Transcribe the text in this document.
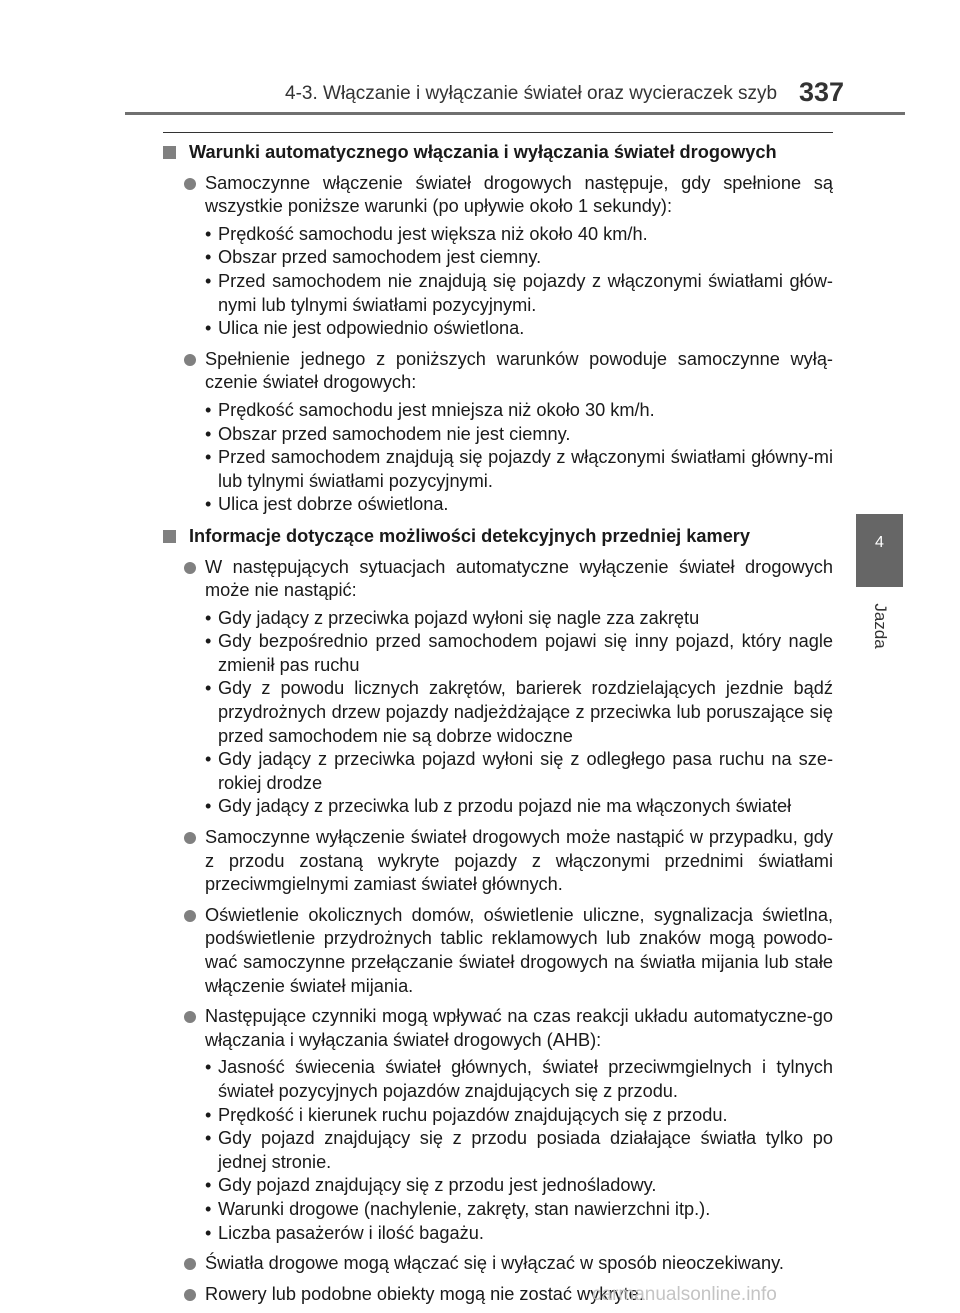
4-3. Włączanie i wyłączanie świateł oraz wycieraczek szyb 337
4
Jazda
Warunki automatycznego włączania i wyłączania świateł drogowych
Samoczynne włączenie świateł drogowych następuje, gdy spełnione są wszystkie poniższe warunki (po upływie około 1 sekundy):
• Prędkość samochodu jest większa niż około 40 km/h.
• Obszar przed samochodem jest ciemny.
• Przed samochodem nie znajdują się pojazdy z włączonymi światłami głów-nymi lub tylnymi światłami pozycyjnymi.
• Ulica nie jest odpowiednio oświetlona.
Spełnienie jednego z poniższych warunków powoduje samoczynne wyłą-czenie świateł drogowych:
• Prędkość samochodu jest mniejsza niż około 30 km/h.
• Obszar przed samochodem nie jest ciemny.
• Przed samochodem znajdują się pojazdy z włączonymi światłami główny-mi lub tylnymi światłami pozycyjnymi.
• Ulica jest dobrze oświetlona.
Informacje dotyczące możliwości detekcyjnych przedniej kamery
W następujących sytuacjach automatyczne wyłączenie świateł drogowych może nie nastąpić:
• Gdy jadący z przeciwka pojazd wyłoni się nagle zza zakrętu
• Gdy bezpośrednio przed samochodem pojawi się inny pojazd, który nagle zmienił pas ruchu
• Gdy z powodu licznych zakrętów, barierek rozdzielających jezdnie bądź przydrożnych drzew pojazdy nadjeżdżające z przeciwka lub poruszające się przed samochodem nie są dobrze widoczne
• Gdy jadący z przeciwka pojazd wyłoni się z odległego pasa ruchu na sze-rokiej drodze
• Gdy jadący z przeciwka lub z przodu pojazd nie ma włączonych świateł
Samoczynne wyłączenie świateł drogowych może nastąpić w przypadku, gdy z przodu zostaną wykryte pojazdy z włączonymi przednimi światłami przeciwmgielnymi zamiast świateł głównych.
Oświetlenie okolicznych domów, oświetlenie uliczne, sygnalizacja świetlna, podświetlenie przydrożnych tablic reklamowych lub znaków mogą powodo-wać samoczynne przełączanie świateł drogowych na światła mijania lub stałe włączenie świateł mijania.
Następujące czynniki mogą wpływać na czas reakcji układu automatyczne-go włączania i wyłączania świateł drogowych (AHB):
• Jasność świecenia świateł głównych, świateł przeciwmgielnych i tylnych świateł pozycyjnych pojazdów znajdujących się z przodu.
• Prędkość i kierunek ruchu pojazdów znajdujących się z przodu.
• Gdy pojazd znajdujący się z przodu posiada działające światła tylko po jednej stronie.
• Gdy pojazd znajdujący się z przodu jest jednośladowy.
• Warunki drogowe (nachylenie, zakręty, stan nawierzchni itp.).
• Liczba pasażerów i ilość bagażu.
Światła drogowe mogą włączać się i wyłączać w sposób nieoczekiwany.
Rowery lub podobne obiekty mogą nie zostać wykryte.
carmanualsonline.info
